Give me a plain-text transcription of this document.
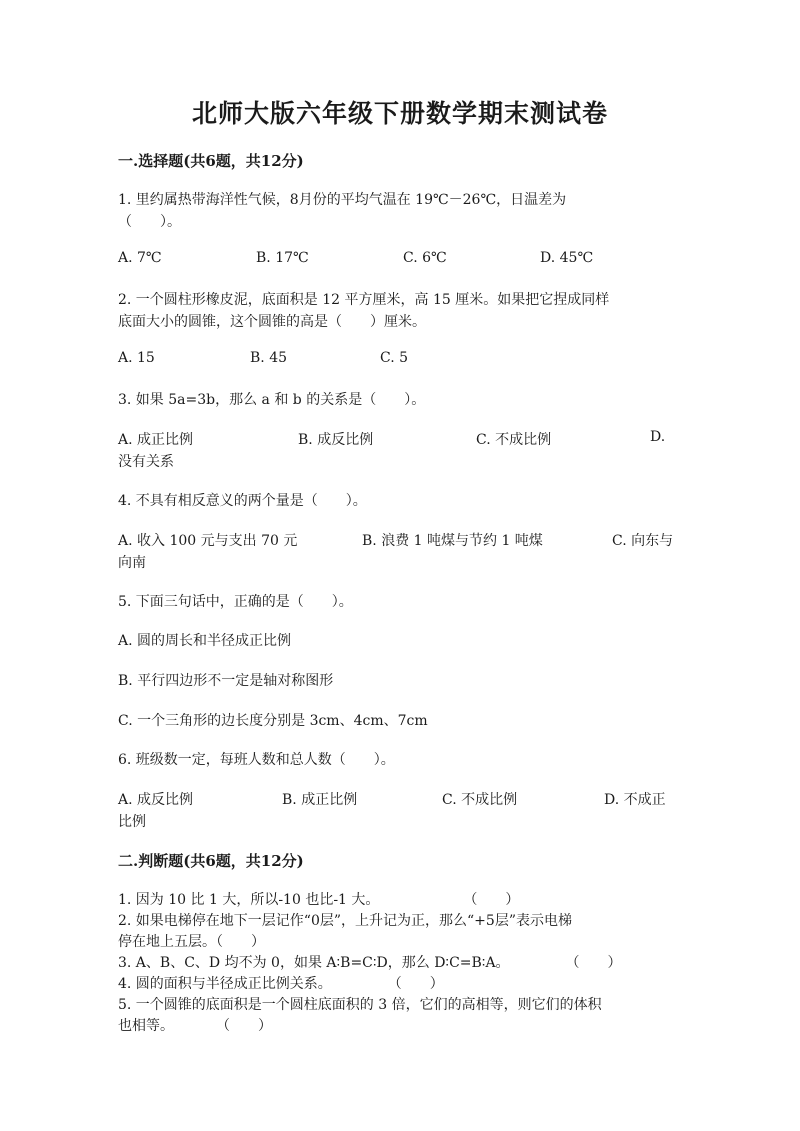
北师大版六年级下册数学期末测试卷
一.选择题(共6题，共12分)
1. 里约属热带海洋性气候，8月份的平均气温在 19℃－26℃，日温差为
（　　）。
A. 7℃	B. 17℃	C. 6℃	D. 45℃
2. 一个圆柱形橡皮泥，底面积是 12 平方厘米，高 15 厘米。如果把它捏成同样
底面大小的圆锥，这个圆锥的高是（　　）厘米。
A. 15	B. 45	C. 5
3. 如果 5a=3b，那么 a 和 b 的关系是（　　）。
A. 成正比例	B. 成反比例	C. 不成比例	D.
没有关系
4. 不具有相反意义的两个量是（　　）。
A. 收入 100 元与支出 70 元	B. 浪费 1 吨煤与节约 1 吨煤	C. 向东与
向南
5. 下面三句话中，正确的是（　　）。
A. 圆的周长和半径成正比例
B. 平行四边形不一定是轴对称图形
C. 一个三角形的边长度分别是 3cm、4cm、7cm
6. 班级数一定，每班人数和总人数（　　）。
A. 成反比例	B. 成正比例	C. 不成比例	D. 不成正
比例
二.判断题(共6题，共12分)
1. 因为 10 比 1 大，所以-10 也比-1 大。　　　　　　　（　　）
2. 如果电梯停在地下一层记作“0层”，上升记为正，那么“+5层”表示电梯
停在地上五层。（　　）
3. A、B、C、D 均不为 0，如果 A∶B=C∶D，那么 D∶C=B∶A。　　　　　（　　）
4. 圆的面积与半径成正比例关系。　　　　　（　　）
5. 一个圆锥的底面积是一个圆柱底面积的 3 倍，它们的高相等，则它们的体积
也相等。　　　　（　　）
